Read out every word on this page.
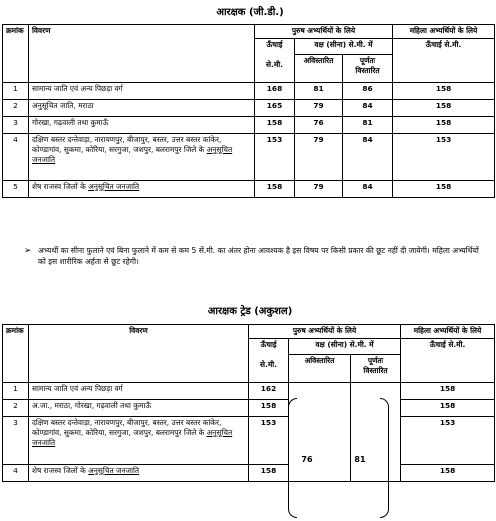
आरक्षक (जी.डी.)
क्रमांक	विवरण	पुरुष अभ्यर्थियों के लिये			महिला अभ्यर्थियों के लिये
		ऊँचाई

से.मी.	वक्ष (सीना) से.मी. में		ऊँचाई से.मी.
			अविस्तारित	पूर्णतः
विस्तारित	
1	सामान्य जाति एवं अन्य पिछड़ा वर्ग	168	81	86	158
2	अनुसूचित जाति, मराठा	165	79	84	158
3	गोरखा, गढ़वाली तथा कुमाऊँ	158	76	81	158
4	दक्षिण बस्तर दन्तेवाड़ा, नारायणपुर, बीजापुर, बस्तर, उत्तर बस्तर कांकेर, कोण्डागांव, सुकमा, कोरिया, सरगुजा, जशपुर, बलरामपुर जिले के अनुसूचित जनजाति	153	79	84	153
5	शेष राजस्व जिलों के अनुसूचित जनजाति	158	79	84	158
➢ अभ्यर्थी का सीना फुलाने एवं बिना फुलाने में कम से कम 5 सें.मी. का अंतर होना आवश्यक है इस विषय पर किसी प्रकार की छूट नहीं दी जायेगी। महिला अभ्यर्थियों को इस शारीरिक अर्हता से छूट रहेगी।
आरक्षक ट्रेड (अकुशल)
क्रमांक	विवरण	पुरुष अभ्यर्थियों के लिये			महिला अभ्यर्थियों के लिये
		ऊँचाई

से.मी.	वक्ष (सीना) से.मी. में		ऊँचाई से.मी.
			अविस्तारित	पूर्णतः
विस्तारित	
1	सामान्य जाति एवं अन्य पिछड़ा वर्ग	162			158
2	अ.जा., मराठा, गोरखा, गढ़वाली तथा कुमाऊँ	158			158
3	दक्षिण बस्तर दन्तेवाड़ा, नारायणपुर, बीजापुर, बस्तर, उत्तर बस्तर कांकेर, कोण्डागांव, सुकमा, कोरिया, सरगुजा, जशपुर, बलरामपुर जिले के अनुसूचित जनजाति	153			153
4	शेष राजस्व जिलों के अनुसूचित जनजाति	158			158
76	81
